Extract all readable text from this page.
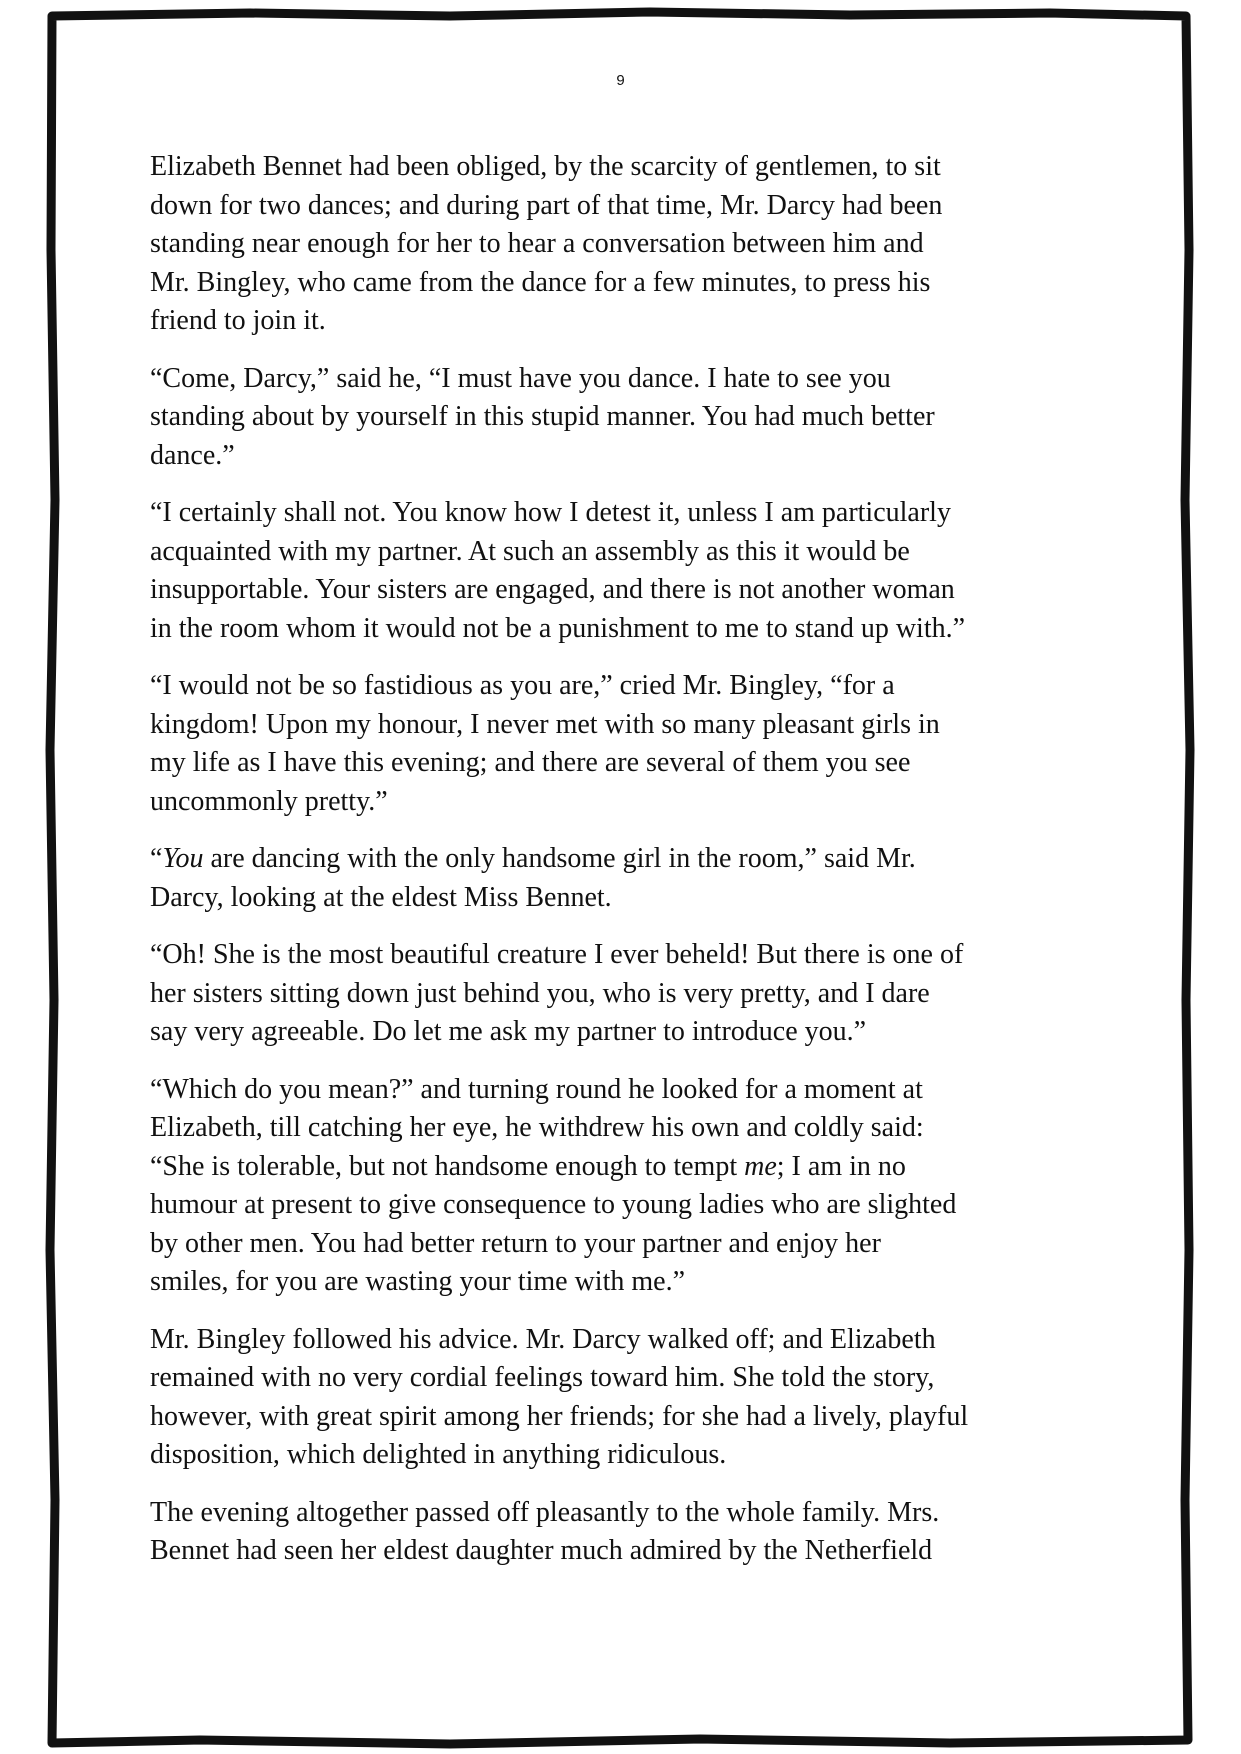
9

Elizabeth Bennet had been obliged, by the scarcity of gentlemen, to sit
down for two dances; and during part of that time, Mr. Darcy had been
standing near enough for her to hear a conversation between him and
Mr. Bingley, who came from the dance for a few minutes, to press his
friend to join it.

“Come, Darcy,” said he, “I must have you dance. I hate to see you
standing about by yourself in this stupid manner. You had much better
dance.”

“I certainly shall not. You know how I detest it, unless I am particularly
acquainted with my partner. At such an assembly as this it would be
insupportable. Your sisters are engaged, and there is not another woman
in the room whom it would not be a punishment to me to stand up with.”

“I would not be so fastidious as you are,” cried Mr. Bingley, “for a
kingdom! Upon my honour, I never met with so many pleasant girls in
my life as I have this evening; and there are several of them you see
uncommonly pretty.”

“You are dancing with the only handsome girl in the room,” said Mr.
Darcy, looking at the eldest Miss Bennet.

“Oh! She is the most beautiful creature I ever beheld! But there is one of
her sisters sitting down just behind you, who is very pretty, and I dare
say very agreeable. Do let me ask my partner to introduce you.”

“Which do you mean?” and turning round he looked for a moment at
Elizabeth, till catching her eye, he withdrew his own and coldly said:
“She is tolerable, but not handsome enough to tempt me; I am in no
humour at present to give consequence to young ladies who are slighted
by other men. You had better return to your partner and enjoy her
smiles, for you are wasting your time with me.”

Mr. Bingley followed his advice. Mr. Darcy walked off; and Elizabeth
remained with no very cordial feelings toward him. She told the story,
however, with great spirit among her friends; for she had a lively, playful
disposition, which delighted in anything ridiculous.

The evening altogether passed off pleasantly to the whole family. Mrs.
Bennet had seen her eldest daughter much admired by the Netherfield
